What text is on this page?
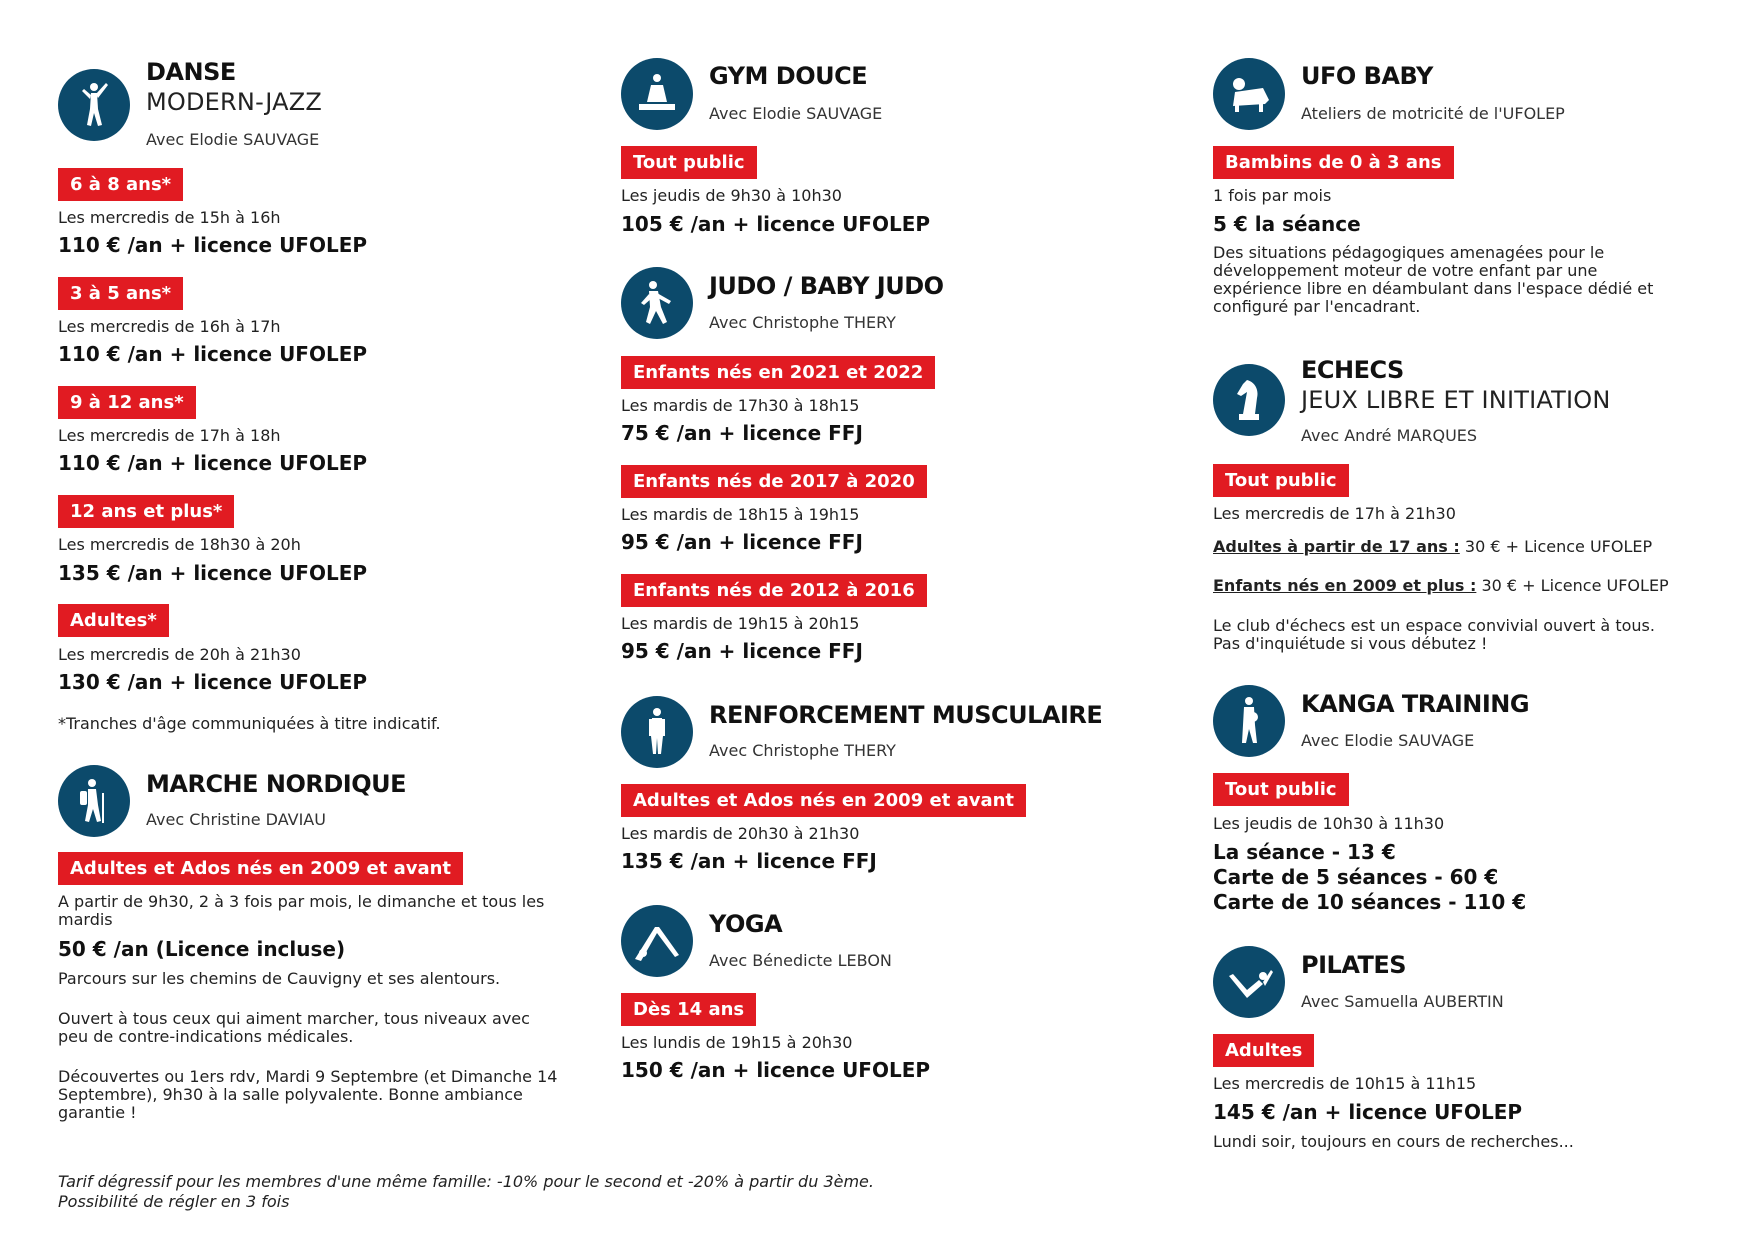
DANSE
MODERN-JAZZ
Avec Elodie SAUVAGE
6 à 8 ans*
Les mercredis de 15h à 16h
110 € /an + licence UFOLEP
3 à 5 ans*
Les mercredis de 16h à 17h
110 € /an + licence UFOLEP
9 à 12 ans*
Les mercredis de 17h à 18h
110 € /an + licence UFOLEP
12 ans et plus*
Les mercredis de 18h30 à 20h
135 € /an + licence UFOLEP
Adultes*
Les mercredis de 20h à 21h30
130 € /an + licence UFOLEP
*Tranches d'âge communiquées à titre indicatif.
MARCHE NORDIQUE
Avec Christine DAVIAU
Adultes et Ados nés en 2009 et avant
A partir de 9h30, 2 à 3 fois par mois, le dimanche et tous les mardis
50 € /an (Licence incluse)
Parcours sur les chemins de Cauvigny et ses alentours.
Ouvert à tous ceux qui aiment marcher, tous niveaux avec peu de contre-indications médicales.
Découvertes ou 1ers rdv, Mardi 9 Septembre (et Dimanche 14 Septembre), 9h30 à la salle polyvalente. Bonne ambiance garantie !
GYM DOUCE
Avec Elodie SAUVAGE
Tout public
Les jeudis de 9h30 à 10h30
105 € /an + licence UFOLEP
JUDO / BABY JUDO
Avec Christophe THERY
Enfants nés en 2021 et 2022
Les mardis de 17h30 à 18h15
75 € /an + licence FFJ
Enfants nés de 2017 à 2020
Les mardis de 18h15 à 19h15
95 € /an + licence FFJ
Enfants nés de 2012 à 2016
Les mardis de 19h15 à 20h15
95 € /an + licence FFJ
RENFORCEMENT MUSCULAIRE
Avec Christophe THERY
Adultes et Ados nés en 2009 et avant
Les mardis de 20h30 à 21h30
135 € /an + licence FFJ
YOGA
Avec Bénedicte LEBON
Dès 14 ans
Les lundis de 19h15 à 20h30
150 € /an + licence UFOLEP
UFO BABY
Ateliers de motricité de l'UFOLEP
Bambins de 0 à 3 ans
1 fois par mois
5 € la séance
Des situations pédagogiques amenagées pour le développement moteur de votre enfant par une expérience libre en déambulant dans l'espace dédié et configuré par l'encadrant.
ECHECS
JEUX LIBRE ET INITIATION
Avec André MARQUES
Tout public
Les mercredis de 17h à 21h30
Adultes à partir de 17 ans : 30 € + Licence UFOLEP
Enfants nés en 2009 et plus : 30 € + Licence UFOLEP
Le club d'échecs est un espace convivial ouvert à tous. Pas d'inquiétude si vous débutez !
KANGA TRAINING
Avec Elodie SAUVAGE
Tout public
Les jeudis de 10h30 à 11h30
La séance - 13 €
Carte de 5 séances - 60 €
Carte de 10 séances - 110 €
PILATES
Avec Samuella AUBERTIN
Adultes
Les mercredis de 10h15 à 11h15
145 € /an + licence UFOLEP
Lundi soir, toujours en cours de recherches...
Tarif dégressif pour les membres d'une même famille: -10% pour le second et -20% à partir du 3ème.
Possibilité de régler en 3 fois
